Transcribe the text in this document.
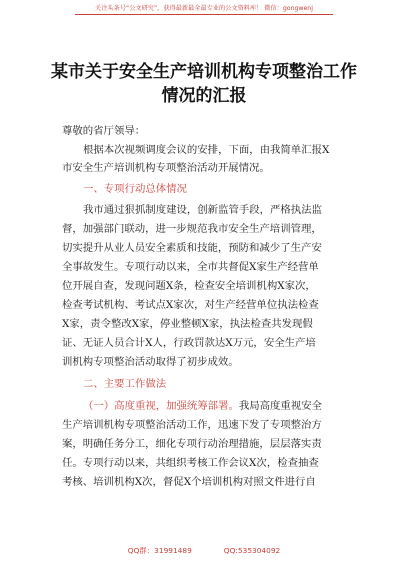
关注头条号“公文研究”，获得最新最全最专业的公文资料库！ 微信：gongwenj
某市关于安全生产培训机构专项整治工作
情况的汇报
尊敬的省厅领导：
根据本次视频调度会议的安排，下面，由我简单汇报X
市安全生产培训机构专项整治活动开展情况。
一、专项行动总体情况
我市通过狠抓制度建设，创新监管手段，严格执法监
督，加强部门联动，进一步规范我市安全生产培训管理，
切实提升从业人员安全素质和技能，预防和减少了生产安
全事故发生。专项行动以来，全市共督促X家生产经营单
位开展自查，发现问题X条，检查安全培训机构X家次，
检查考试机构、考试点X家次，对生产经营单位执法检查
X家，责令整改X家，停业整顿X家，执法检查共发现假
证、无证人员合计X人，行政罚款达X万元，安全生产培
训机构专项整治活动取得了初步成效。
二、主要工作做法
（一）高度重视，加强统筹部署。我局高度重视安全
生产培训机构专项整治活动工作，迅速下发了专项整治方
案，明确任务分工，细化专项行动治理措施，层层落实责
任。专项行动以来，共组织考核工作会议X次，检查抽查
考核、培训机构X次，督促X个培训机构对照文件进行自
QQ群：31991489	QQ:535304092
